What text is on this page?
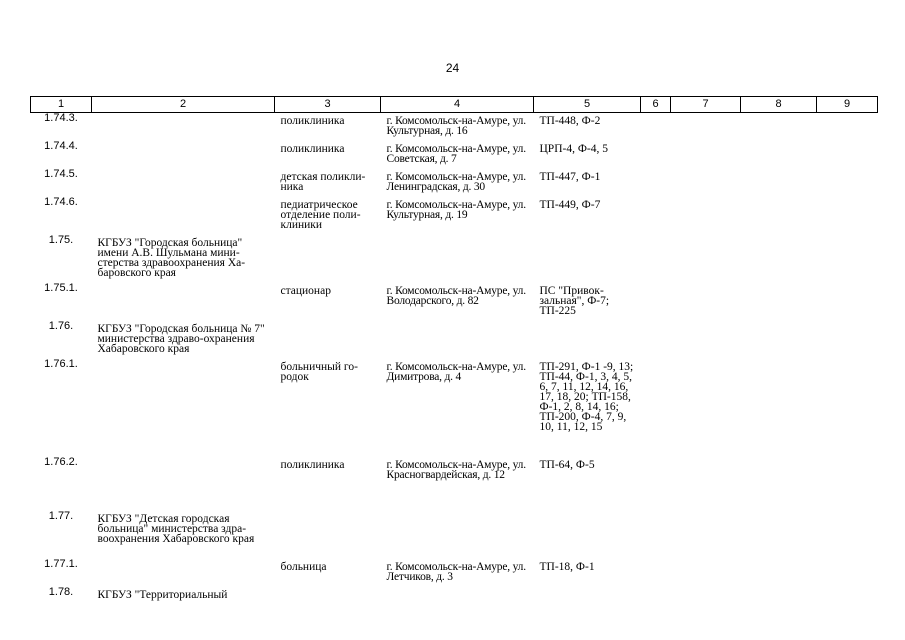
24
1	2	3	4	5	6	7	8	9
1.74.3.		поликлиника	г. Комсомольск-на-Амуре, ул. Культурная, д. 16	ТП-448, Ф-2				
1.74.4.		поликлиника	г. Комсомольск-на-Амуре, ул. Советская, д. 7	ЦРП-4, Ф-4, 5				
1.74.5.		детская поликли-ника	г. Комсомольск-на-Амуре, ул. Ленинградская, д. 30	ТП-447, Ф-1				
1.74.6.		педиатрическое отделение поли-клиники	г. Комсомольск-на-Амуре, ул. Культурная, д. 19	ТП-449, Ф-7				
1.75.	КГБУЗ "Городская больница" имени А.В. Шульмана мини-стерства здравоохранения Ха-баровского края							
1.75.1.		стационар	г. Комсомольск-на-Амуре, ул. Володарского, д. 82	ПС "Привок-зальная", Ф-7; ТП-225				
1.76.	КГБУЗ "Городская больница № 7" министерства здраво-охранения Хабаровского края							
1.76.1.		больничный го-родок	г. Комсомольск-на-Амуре, ул. Димитрова, д. 4	ТП-291, Ф-1 -9, 13; ТП-44, Ф-1, 3, 4, 5, 6, 7, 11, 12, 14, 16, 17, 18, 20; ТП-158, Ф-1, 2, 8, 14, 16; ТП-200, Ф-4, 7, 9, 10, 11, 12, 15				
1.76.2.		поликлиника	г. Комсомольск-на-Амуре, ул. Красногвардейская, д. 12	ТП-64, Ф-5				
1.77.	КГБУЗ "Детская городская больница" министерства здра-воохранения Хабаровского края							
1.77.1.		больница	г. Комсомольск-на-Амуре, ул. Летчиков, д. 3	ТП-18, Ф-1				
1.78.	КГБУЗ "Территориальный							
